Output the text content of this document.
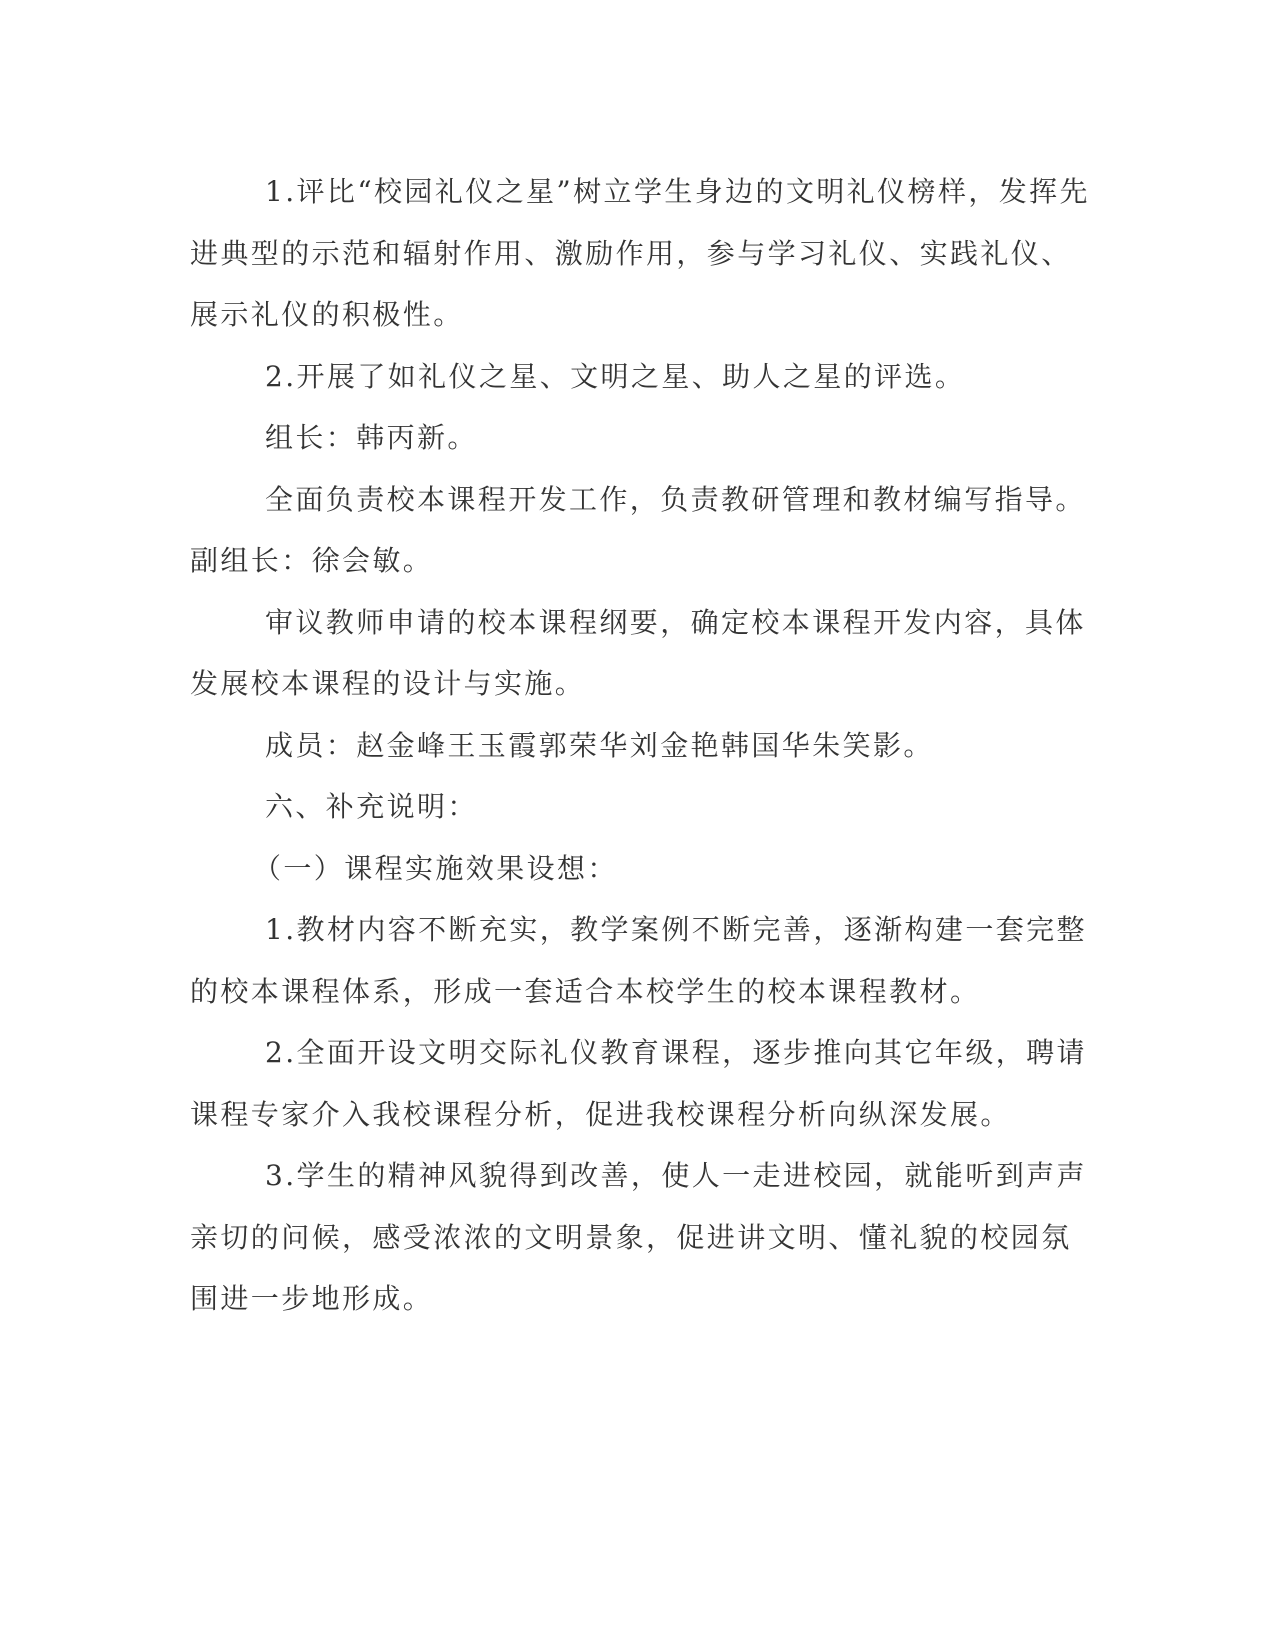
1.评比“校园礼仪之星”树立学生身边的文明礼仪榜样，发挥先进典型的示范和辐射作用、激励作用，参与学习礼仪、实践礼仪、展示礼仪的积极性。

2.开展了如礼仪之星、文明之星、助人之星的评选。

组长：韩丙新。

全面负责校本课程开发工作，负责教研管理和教材编写指导。副组长：徐会敏。

审议教师申请的校本课程纲要，确定校本课程开发内容，具体发展校本课程的设计与实施。

成员：赵金峰王玉霞郭荣华刘金艳韩国华朱笑影。

六、补充说明：

（一）课程实施效果设想：

1.教材内容不断充实，教学案例不断完善，逐渐构建一套完整的校本课程体系，形成一套适合本校学生的校本课程教材。

2.全面开设文明交际礼仪教育课程，逐步推向其它年级，聘请课程专家介入我校课程分析，促进我校课程分析向纵深发展。

3.学生的精神风貌得到改善，使人一走进校园，就能听到声声亲切的问候，感受浓浓的文明景象，促进讲文明、懂礼貌的校园氛围进一步地形成。
